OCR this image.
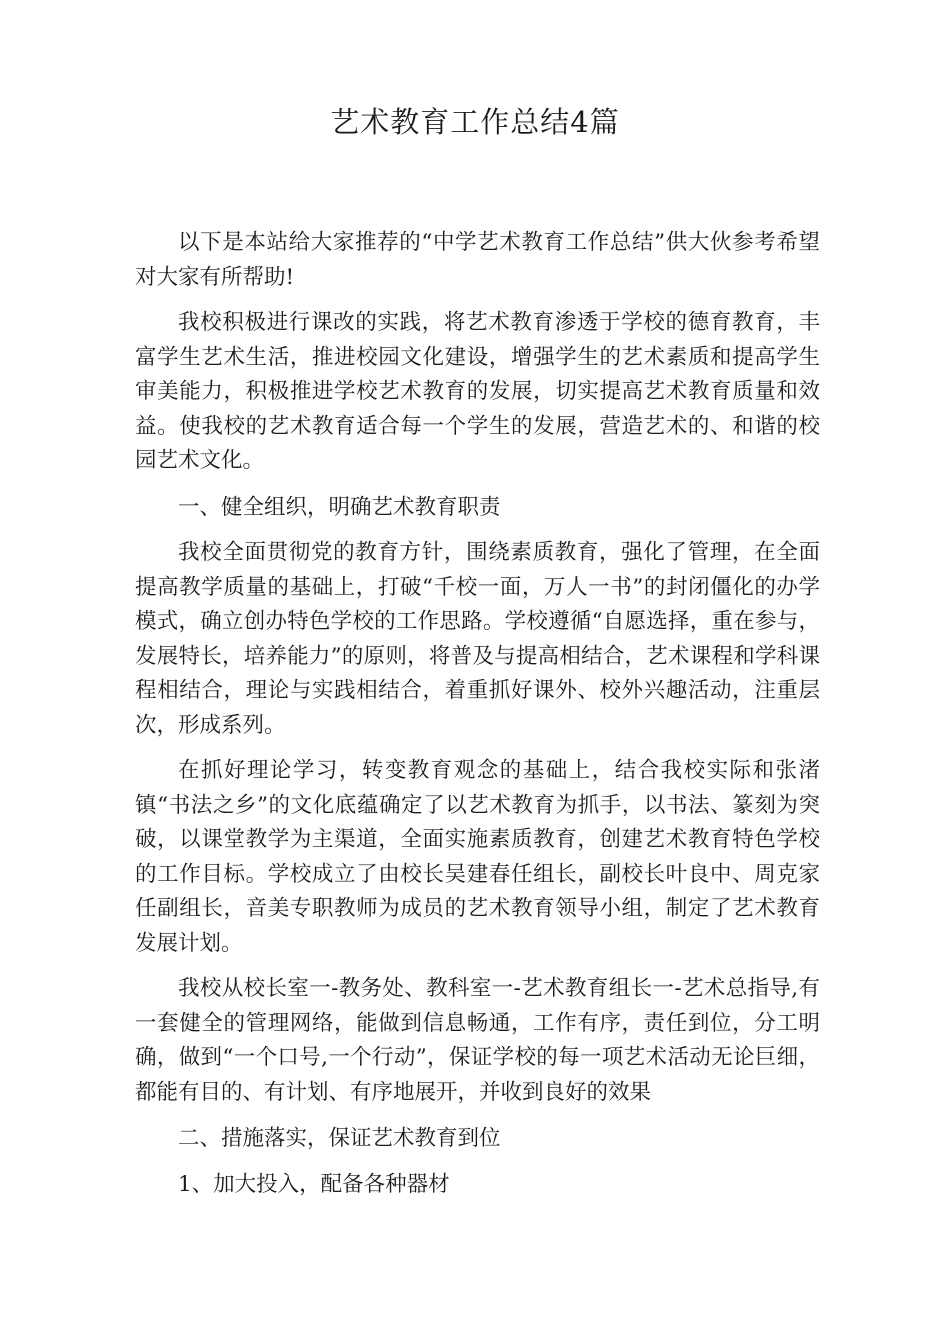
艺术教育工作总结4篇

以下是本站给大家推荐的“中学艺术教育工作总结”供大伙参考希望对大家有所帮助!

我校积极进行课改的实践，将艺术教育渗透于学校的德育教育，丰富学生艺术生活，推进校园文化建设，增强学生的艺术素质和提高学生审美能力，积极推进学校艺术教育的发展，切实提高艺术教育质量和效益。使我校的艺术教育适合每一个学生的发展，营造艺术的、和谐的校园艺术文化。

一、健全组织，明确艺术教育职责

我校全面贯彻党的教育方针，围绕素质教育，强化了管理，在全面提高教学质量的基础上，打破“千校一面，万人一书”的封闭僵化的办学模式，确立创办特色学校的工作思路。学校遵循“自愿选择，重在参与，发展特长，培养能力”的原则，将普及与提高相结合，艺术课程和学科课程相结合，理论与实践相结合，着重抓好课外、校外兴趣活动，注重层次，形成系列。

在抓好理论学习，转变教育观念的基础上，结合我校实际和张渚镇“书法之乡”的文化底蕴确定了以艺术教育为抓手，以书法、篆刻为突破，以课堂教学为主渠道，全面实施素质教育，创建艺术教育特色学校的工作目标。学校成立了由校长吴建春任组长，副校长叶良中、周克家任副组长，音美专职教师为成员的艺术教育领导小组，制定了艺术教育发展计划。

我校从校长室一-教务处、教科室一-艺术教育组长一-艺术总指导,有一套健全的管理网络，能做到信息畅通，工作有序，责任到位，分工明确，做到“一个口号,一个行动”，保证学校的每一项艺术活动无论巨细，都能有目的、有计划、有序地展开，并收到良好的效果

二、措施落实，保证艺术教育到位

1、加大投入，配备各种器材
